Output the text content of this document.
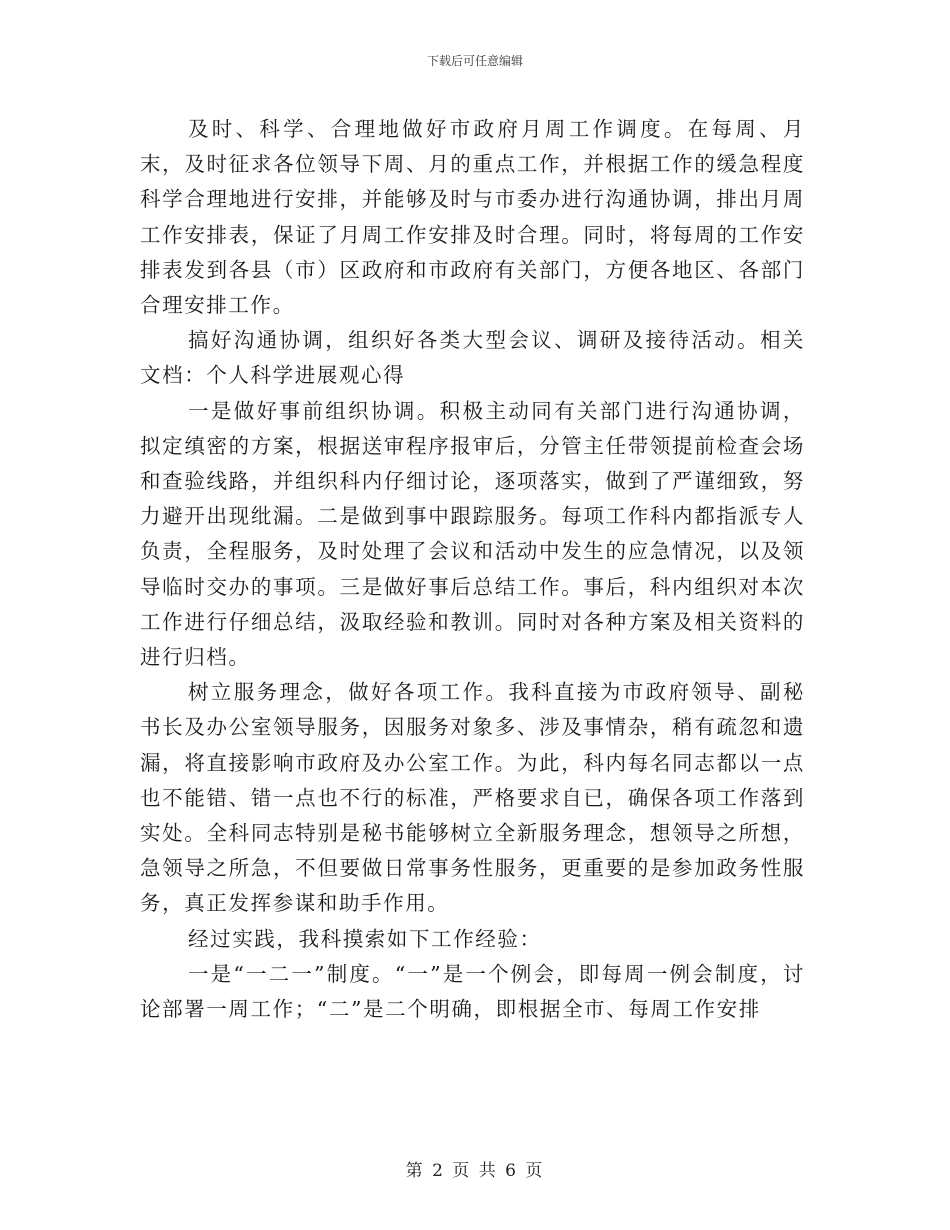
下载后可任意编辑

及时、科学、合理地做好市政府月周工作调度。在每周、月末，及时征求各位领导下周、月的重点工作，并根据工作的缓急程度科学合理地进行安排，并能够及时与市委办进行沟通协调，排出月周工作安排表，保证了月周工作安排及时合理。同时，将每周的工作安排表发到各县（市）区政府和市政府有关部门，方便各地区、各部门合理安排工作。

搞好沟通协调，组织好各类大型会议、调研及接待活动。相关文档：个人科学进展观心得

一是做好事前组织协调。积极主动同有关部门进行沟通协调，拟定缜密的方案，根据送审程序报审后，分管主任带领提前检查会场和查验线路，并组织科内仔细讨论，逐项落实，做到了严谨细致，努力避开出现纰漏。二是做到事中跟踪服务。每项工作科内都指派专人负责，全程服务，及时处理了会议和活动中发生的应急情况，以及领导临时交办的事项。三是做好事后总结工作。事后，科内组织对本次工作进行仔细总结，汲取经验和教训。同时对各种方案及相关资料的进行归档。

树立服务理念，做好各项工作。我科直接为市政府领导、副秘书长及办公室领导服务，因服务对象多、涉及事情杂，稍有疏忽和遗漏，将直接影响市政府及办公室工作。为此，科内每名同志都以一点也不能错、错一点也不行的标准，严格要求自已，确保各项工作落到实处。全科同志特别是秘书能够树立全新服务理念，想领导之所想，急领导之所急，不但要做日常事务性服务，更重要的是参加政务性服务，真正发挥参谋和助手作用。

经过实践，我科摸索如下工作经验：

一是“一二一”制度。“一”是一个例会，即每周一例会制度，讨论部署一周工作；“二”是二个明确，即根据全市、每周工作安排

第 2 页 共 6 页
